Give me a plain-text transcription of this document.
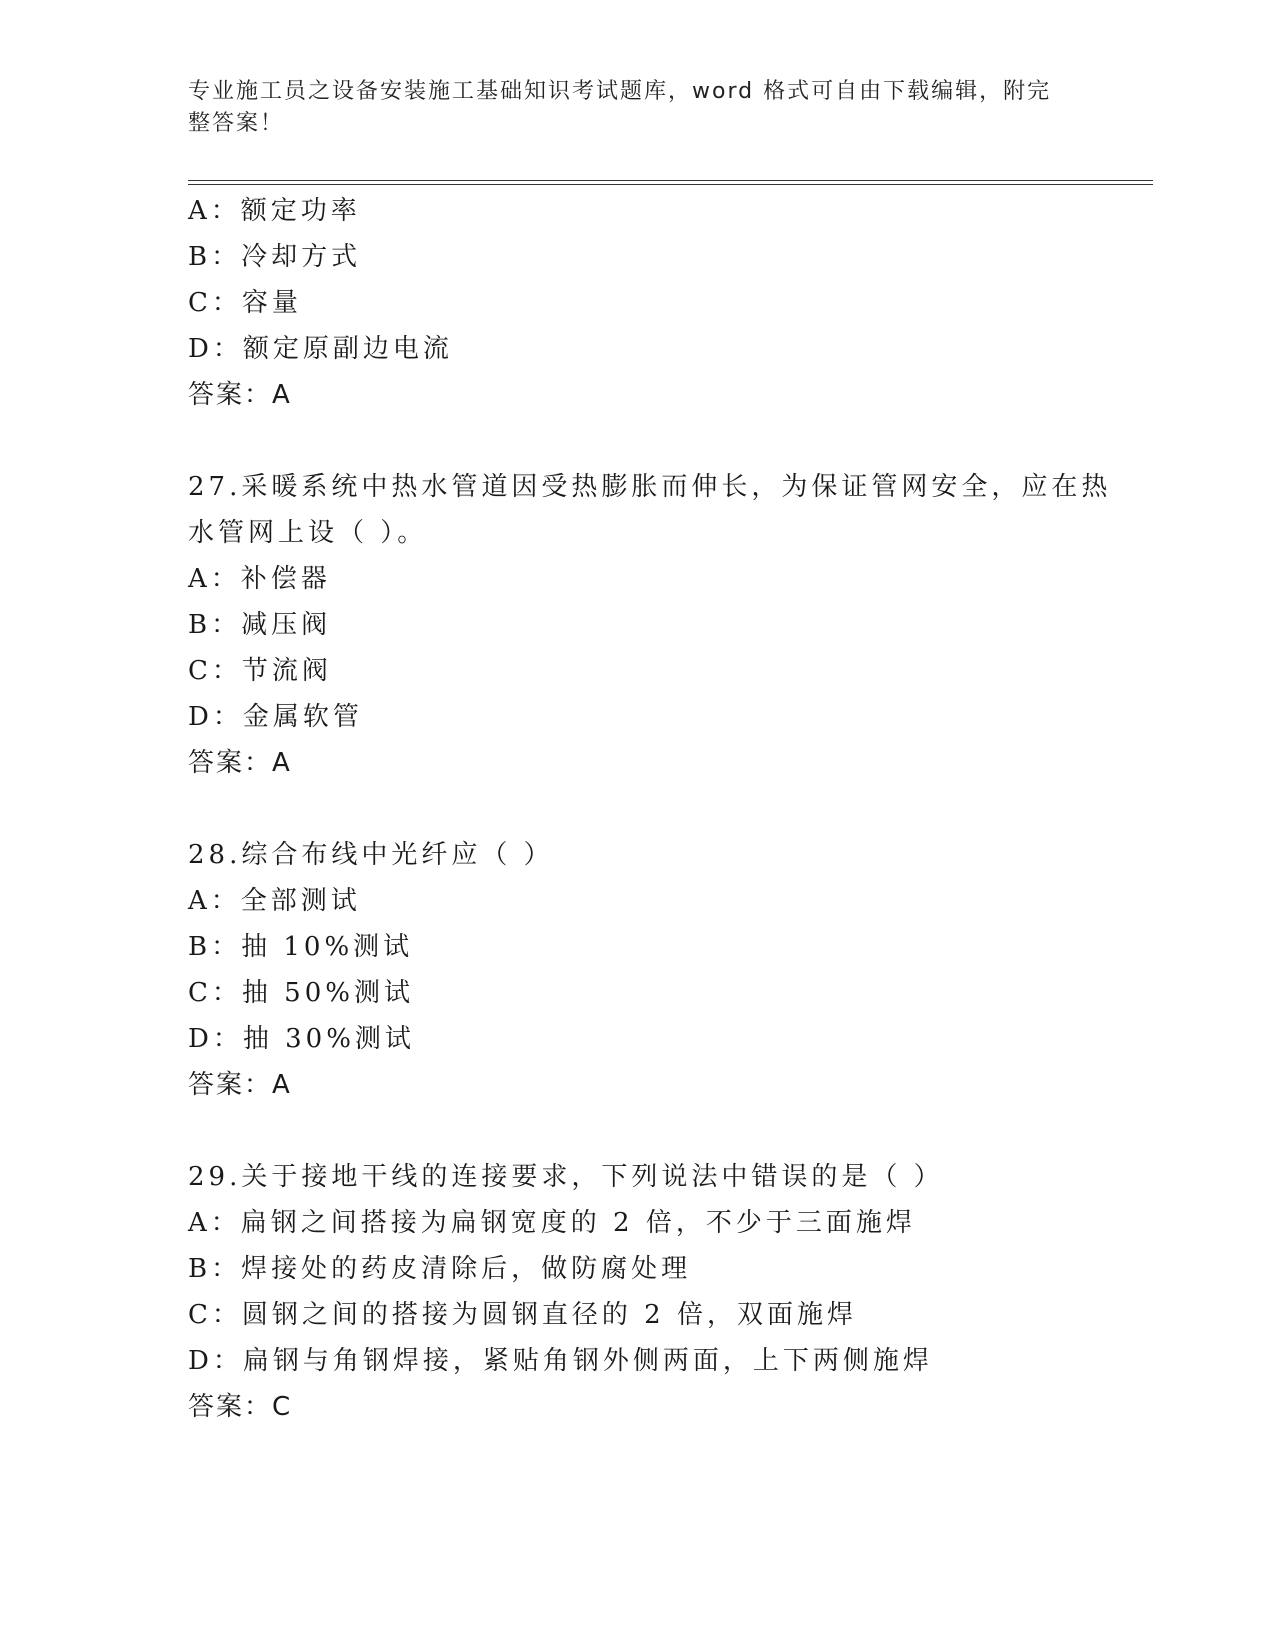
专业施工员之设备安装施工基础知识考试题库，word 格式可自由下载编辑，附完
整答案！
A：额定功率
B：冷却方式
C：容量
D：额定原副边电流
答案：A
27.采暖系统中热水管道因受热膨胀而伸长，为保证管网安全，应在热
水管网上设（ ）。
A：补偿器
B：减压阀
C：节流阀
D：金属软管
答案：A
28.综合布线中光纤应（ ）
A：全部测试
B：抽 10%测试
C：抽 50%测试
D：抽 30%测试
答案：A
29.关于接地干线的连接要求，下列说法中错误的是（ ）
A：扁钢之间搭接为扁钢宽度的 2 倍，不少于三面施焊
B：焊接处的药皮清除后，做防腐处理
C：圆钢之间的搭接为圆钢直径的 2 倍，双面施焊
D：扁钢与角钢焊接，紧贴角钢外侧两面，上下两侧施焊
答案：C
